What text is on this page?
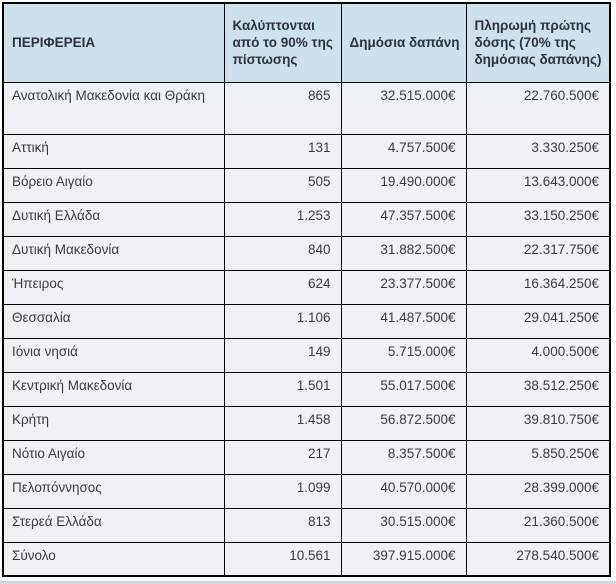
ΠΕΡΙΦΕΡΕΙΑ	Καλύπτονται από το 90% της πίστωσης	Δημόσια δαπάνη	Πληρωμή πρώτης δόσης (70% της δημόσιας δαπάνης)
Ανατολική Μακεδονία και Θράκη	865	32.515.000€	22.760.500€
Αττική	131	4.757.500€	3.330.250€
Βόρειο Αιγαίο	505	19.490.000€	13.643.000€
Δυτική Ελλάδα	1.253	47.357.500€	33.150.250€
Δυτική Μακεδονία	840	31.882.500€	22.317.750€
Ήπειρος	624	23.377.500€	16.364.250€
Θεσσαλία	1.106	41.487.500€	29.041.250€
Ιόνια νησιά	149	5.715.000€	4.000.500€
Κεντρική Μακεδονία	1.501	55.017.500€	38.512.250€
Κρήτη	1.458	56.872.500€	39.810.750€
Νότιο Αιγαίο	217	8.357.500€	5.850.250€
Πελοπόννησος	1.099	40.570.000€	28.399.000€
Στερεά Ελλάδα	813	30.515.000€	21.360.500€
Σύνολο	10.561	397.915.000€	278.540.500€
